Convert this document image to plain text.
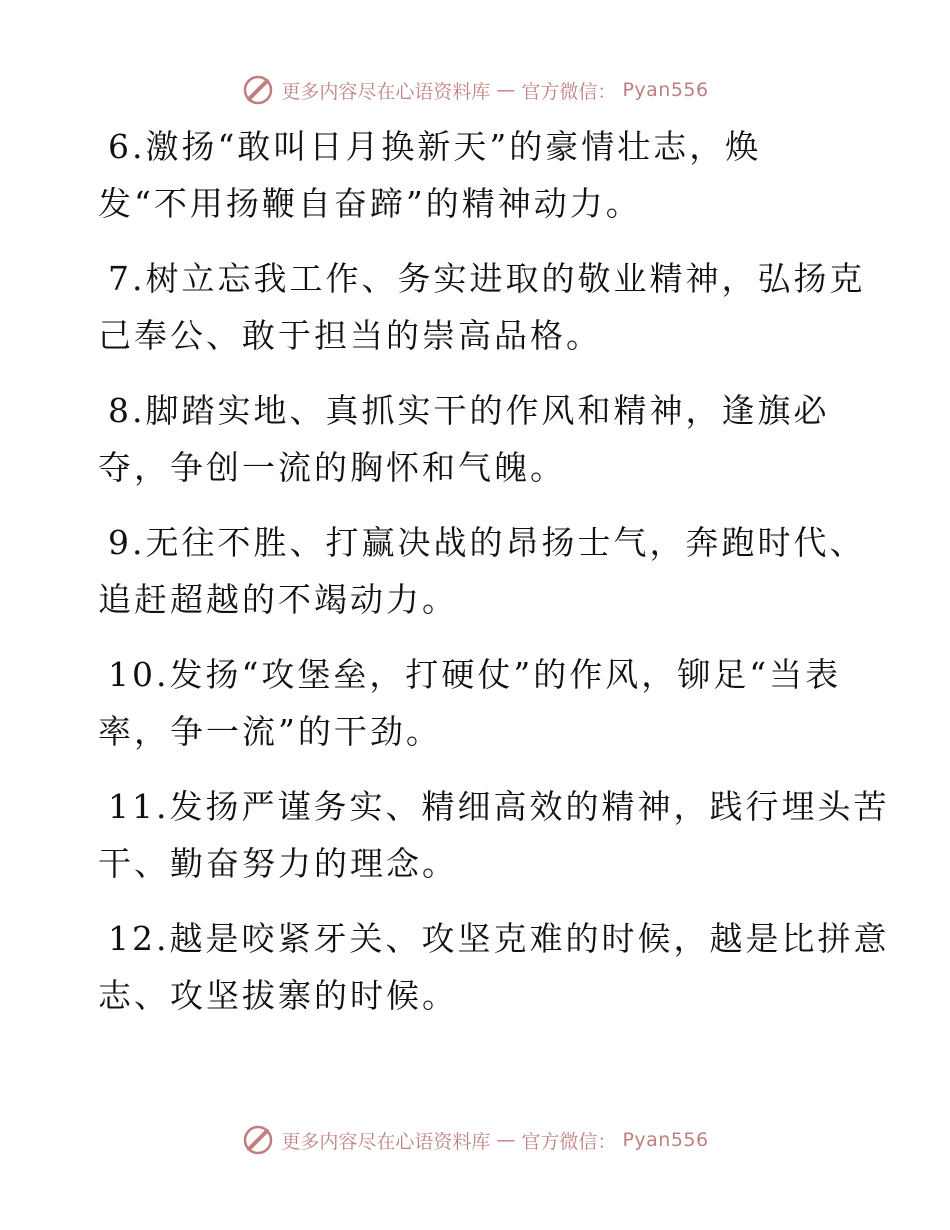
更多内容尽在心语资料库 — 官方微信： Pyan556

6.激扬“敢叫日月换新天”的豪情壮志，焕
发“不用扬鞭自奋蹄”的精神动力。

7.树立忘我工作、务实进取的敬业精神，弘扬克
己奉公、敢于担当的崇高品格。

8.脚踏实地、真抓实干的作风和精神，逢旗必
夺，争创一流的胸怀和气魄。

9.无往不胜、打赢决战的昂扬士气，奔跑时代、
追赶超越的不竭动力。

10.发扬“攻堡垒，打硬仗”的作风，铆足“当表
率，争一流”的干劲。

11.发扬严谨务实、精细高效的精神，践行埋头苦
干、勤奋努力的理念。

12.越是咬紧牙关、攻坚克难的时候，越是比拼意
志、攻坚拔寨的时候。

更多内容尽在心语资料库 — 官方微信： Pyan556
